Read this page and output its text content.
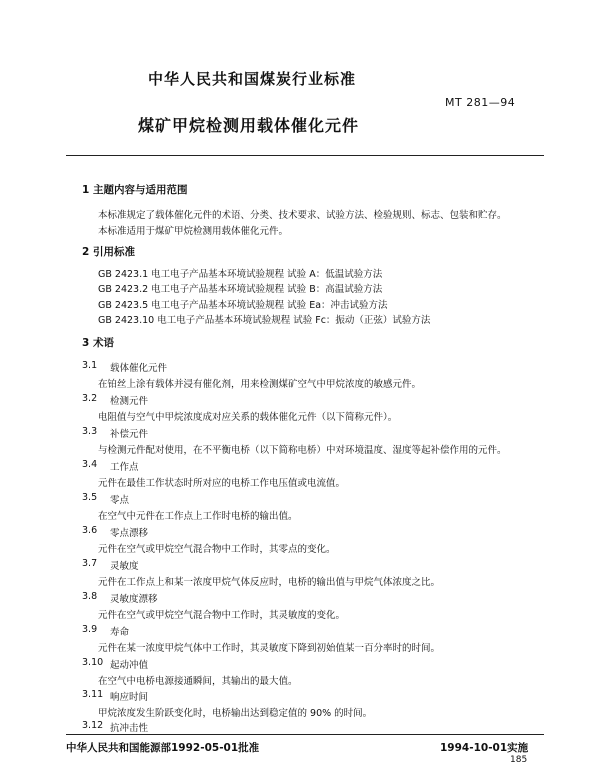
中华人民共和国煤炭行业标准
MT 281—94
煤矿甲烷检测用载体催化元件
1 主题内容与适用范围
本标准规定了载体催化元件的术语、分类、技术要求、试验方法、检验规则、标志、包装和贮存。
本标准适用于煤矿甲烷检测用载体催化元件。
2 引用标准
GB 2423.1 电工电子产品基本环境试验规程 试验 A：低温试验方法
GB 2423.2 电工电子产品基本环境试验规程 试验 B：高温试验方法
GB 2423.5 电工电子产品基本环境试验规程 试验 Ea：冲击试验方法
GB 2423.10 电工电子产品基本环境试验规程 试验 Fc：振动（正弦）试验方法
3 术语
3.1 载体催化元件
在铂丝上涂有载体并浸有催化剂，用来检测煤矿空气中甲烷浓度的敏感元件。
3.2 检测元件
电阻值与空气中甲烷浓度成对应关系的载体催化元件（以下简称元件）。
3.3 补偿元件
与检测元件配对使用，在不平衡电桥（以下简称电桥）中对环境温度、湿度等起补偿作用的元件。
3.4 工作点
元件在最佳工作状态时所对应的电桥工作电压值或电流值。
3.5 零点
在空气中元件在工作点上工作时电桥的输出值。
3.6 零点漂移
元件在空气或甲烷空气混合物中工作时，其零点的变化。
3.7 灵敏度
元件在工作点上和某一浓度甲烷气体反应时，电桥的输出值与甲烷气体浓度之比。
3.8 灵敏度漂移
元件在空气或甲烷空气混合物中工作时，其灵敏度的变化。
3.9 寿命
元件在某一浓度甲烷气体中工作时，其灵敏度下降到初始值某一百分率时的时间。
3.10 起动冲值
在空气中电桥电源接通瞬间，其输出的最大值。
3.11 响应时间
甲烷浓度发生阶跃变化时，电桥输出达到稳定值的 90% 的时间。
3.12 抗冲击性
中华人民共和国能源部1992-05-01批准	1994-10-01实施
185
